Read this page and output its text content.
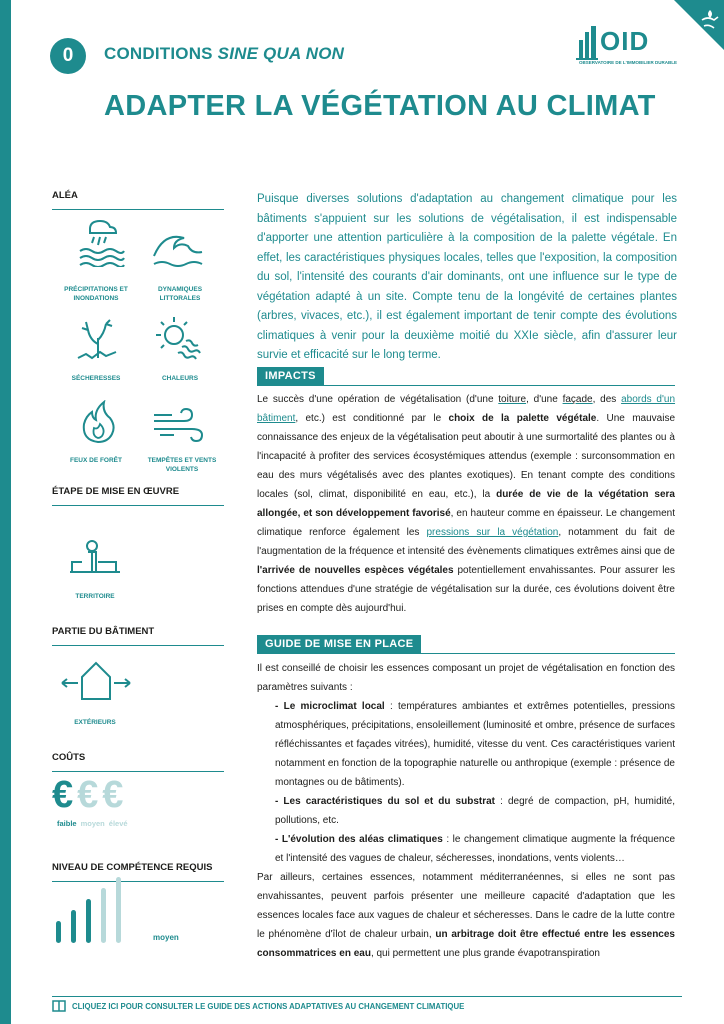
0	CONDITIONS SINE QUA NON	OID
OBSERVATOIRE DE L'IMMOBILIER DURABLE
ADAPTER LA VÉGÉTATION AU CLIMAT
ALÉA
PRÉCIPITATIONS ET INONDATIONS
DYNAMIQUES LITTORALES
SÉCHERESSES	CHALEURS
FEUX DE FORÊT	TEMPÊTES ET VENTS VIOLENTS
ÉTAPE DE MISE EN ŒUVRE
TERRITOIRE
PARTIE DU BÂTIMENT
EXTÉRIEURS
COÛTS
€ € €
faible moyen élevé
NIVEAU DE COMPÉTENCE REQUIS
moyen
Puisque diverses solutions d'adaptation au changement climatique pour les bâtiments s'appuient sur les solutions de végétalisation, il est indispensable d'apporter une attention particulière à la composition de la palette végétale. En effet, les caractéristiques physiques locales, telles que l'exposition, la composition du sol, l'intensité des courants d'air dominants, ont une influence sur le type de végétation adapté à un site. Compte tenu de la longévité de certaines plantes (arbres, vivaces, etc.), il est également important de tenir compte des évolutions climatiques à venir pour la deuxième moitié du XXIe siècle, afin d'assurer leur survie et efficacité sur le long terme.
IMPACTS
Le succès d'une opération de végétalisation (d'une toiture, d'une façade, des abords d'un bâtiment, etc.) est conditionné par le choix de la palette végétale. Une mauvaise connaissance des enjeux de la végétalisation peut aboutir à une surmortalité des plantes ou à l'incapacité à profiter des services écosystémiques attendus (exemple : surconsommation en eau des murs végétalisés avec des plantes exotiques). En tenant compte des conditions locales (sol, climat, disponibilité en eau, etc.), la durée de vie de la végétation sera allongée, et son développement favorisé, en hauteur comme en épaisseur. Le changement climatique renforce également les pressions sur la végétation, notamment du fait de l'augmentation de la fréquence et intensité des évènements climatiques extrêmes ainsi que de l'arrivée de nouvelles espèces végétales potentiellement envahissantes. Pour assurer les fonctions attendues d'une stratégie de végétalisation sur la durée, ces évolutions doivent être prises en compte dès aujourd'hui.
GUIDE DE MISE EN PLACE
Il est conseillé de choisir les essences composant un projet de végétalisation en fonction des paramètres suivants :
- Le microclimat local : températures ambiantes et extrêmes potentielles, pressions atmosphériques, précipitations, ensoleillement (luminosité et ombre, présence de surfaces réfléchissantes et façades vitrées), humidité, vitesse du vent. Ces caractéristiques varient notamment en fonction de la topographie naturelle ou anthropique (exemple : présence de montagnes ou de bâtiments).
- Les caractéristiques du sol et du substrat : degré de compaction, pH, humidité, pollutions, etc.
- L'évolution des aléas climatiques : le changement climatique augmente la fréquence et l'intensité des vagues de chaleur, sécheresses, inondations, vents violents…
Par ailleurs, certaines essences, notamment méditerranéennes, si elles ne sont pas envahissantes, peuvent parfois présenter une meilleure capacité d'adaptation que les essences locales face aux vagues de chaleur et sécheresses. Dans le cadre de la lutte contre le phénomène d'îlot de chaleur urbain, un arbitrage doit être effectué entre les essences consommatrices en eau, qui permettent une plus grande évapotranspiration
CLIQUEZ ICI POUR CONSULTER LE GUIDE DES ACTIONS ADAPTATIVES AU CHANGEMENT CLIMATIQUE
